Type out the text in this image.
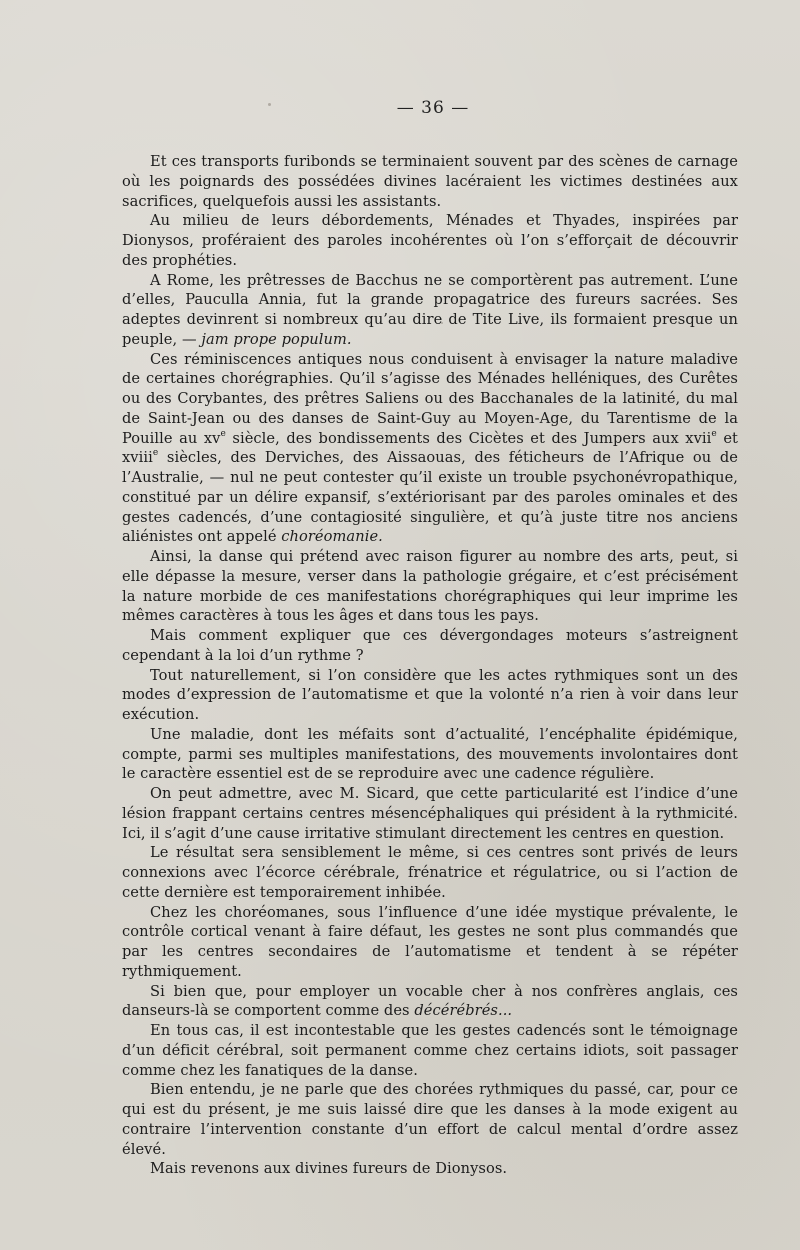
— 36 —

Et ces transports furibonds se terminaient souvent par des scènes de carnage où les poignards des possédées divines lacéraient les victimes destinées aux sacrifices, quelquefois aussi les assistants.

Au milieu de leurs débordements, Ménades et Thyades, inspirées par Dionysos, proféraient des paroles incohérentes où l’on s’efforçait de découvrir des prophéties.

A Rome, les prêtresses de Bacchus ne se comportèrent pas autrement. L’une d’elles, Pauculla Annia, fut la grande propagatrice des fureurs sacrées. Ses adeptes devinrent si nombreux qu’au dire de Tite Live, ils formaient presque un peuple, — jam prope populum.

Ces réminiscences antiques nous conduisent à envisager la nature maladive de certaines chorégraphies. Qu’il s’agisse des Ménades helléniques, des Curêtes ou des Corybantes, des prêtres Saliens ou des Bacchanales de la latinité, du mal de Saint-Jean ou des danses de Saint-Guy au Moyen-Age, du Tarentisme de la Pouille au $xv^e$ siècle, des bondissements des Cicètes et des Jumpers aux xvii$^e$ et xviii$^e$ siècles, des Derviches, des Aissaouas, des féticheurs de l’Afrique ou de l’Australie, — nul ne peut contester qu’il existe un trouble psychonévropathique, constitué par un délire expansif, s’extériorisant par des paroles ominales et des gestes cadencés, d’une contagiosité singulière, et qu’à juste titre nos anciens aliénistes ont appelé choréomanie.

Ainsi, la danse qui prétend avec raison figurer au nombre des arts, peut, si elle dépasse la mesure, verser dans la pathologie grégaire, et c’est précisément la nature morbide de ces manifestations chorégraphiques qui leur imprime les mêmes caractères à tous les âges et dans tous les pays.

Mais comment expliquer que ces dévergondages moteurs s’astreignent cependant à la loi d’un rythme ?

Tout naturellement, si l’on considère que les actes rythmiques sont un des modes d’expression de l’automatisme et que la volonté n’a rien à voir dans leur exécution.

Une maladie, dont les méfaits sont d’actualité, l’encéphalite épidémique, compte, parmi ses multiples manifestations, des mouvements involontaires dont le caractère essentiel est de se reproduire avec une cadence régulière.

On peut admettre, avec M. Sicard, que cette particularité est l’indice d’une lésion frappant certains centres mésencéphaliques qui président à la rythmicité. Ici, il s’agit d’une cause irritative stimulant directement les centres en question.

Le résultat sera sensiblement le même, si ces centres sont privés de leurs connexions avec l’écorce cérébrale, frénatrice et régulatrice, ou si l’action de cette dernière est temporairement inhibée.

Chez les choréomanes, sous l’influence d’une idée mystique prévalente, le contrôle cortical venant à faire défaut, les gestes ne sont plus commandés que par les centres secondaires de l’automatisme et tendent à se répéter rythmiquement.

Si bien que, pour employer un vocable cher à nos confrères anglais, ces danseurs-là se comportent comme des décérébrés...

En tous cas, il est incontestable que les gestes cadencés sont le témoignage d’un déficit cérébral, soit permanent comme chez certains idiots, soit passager comme chez les fanatiques de la danse.

Bien entendu, je ne parle que des chorées rythmiques du passé, car, pour ce qui est du présent, je me suis laissé dire que les danses à la mode exigent au contraire l’intervention constante d’un effort de calcul mental d’ordre assez élevé.

Mais revenons aux divines fureurs de Dionysos.
